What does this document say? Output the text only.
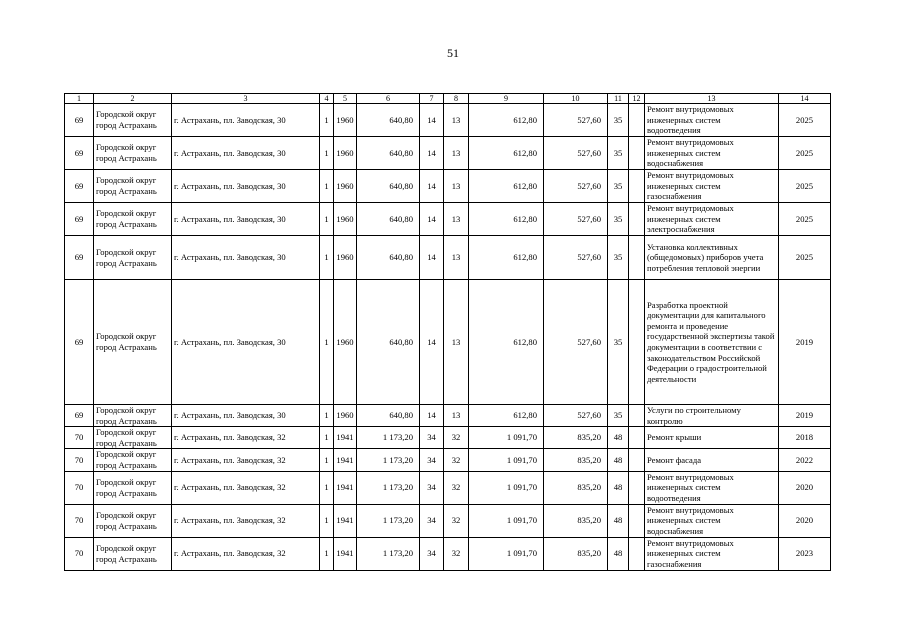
51
1	2	3	4	5	6	7	8	9	10	11	12	13	14
69	Городской округ город Астрахань	г. Астрахань, пл. Заводская, 30	1	1960	640,80	14	13	612,80	527,60	35		Ремонт внутридомовых инженерных систем водоотведения	2025
69	Городской округ город Астрахань	г. Астрахань, пл. Заводская, 30	1	1960	640,80	14	13	612,80	527,60	35		Ремонт внутридомовых инженерных систем водоснабжения	2025
69	Городской округ город Астрахань	г. Астрахань, пл. Заводская, 30	1	1960	640,80	14	13	612,80	527,60	35		Ремонт внутридомовых инженерных систем газоснабжения	2025
69	Городской округ город Астрахань	г. Астрахань, пл. Заводская, 30	1	1960	640,80	14	13	612,80	527,60	35		Ремонт внутридомовых инженерных систем электроснабжения	2025
69	Городской округ город Астрахань	г. Астрахань, пл. Заводская, 30	1	1960	640,80	14	13	612,80	527,60	35		Установка коллективных (общедомовых) приборов учета потребления тепловой энергии	2025
69	Городской округ город Астрахань	г. Астрахань, пл. Заводская, 30	1	1960	640,80	14	13	612,80	527,60	35		Разработка проектной документации для капитального ремонта и проведение государственной экспертизы такой документации в соответствии с законодательством Российской Федерации о градостроительной деятельности	2019
69	Городской округ город Астрахань	г. Астрахань, пл. Заводская, 30	1	1960	640,80	14	13	612,80	527,60	35		Услуги по строительному контролю	2019
70	Городской округ город Астрахань	г. Астрахань, пл. Заводская, 32	1	1941	1 173,20	34	32	1 091,70	835,20	48		Ремонт крыши	2018
70	Городской округ город Астрахань	г. Астрахань, пл. Заводская, 32	1	1941	1 173,20	34	32	1 091,70	835,20	48		Ремонт фасада	2022
70	Городской округ город Астрахань	г. Астрахань, пл. Заводская, 32	1	1941	1 173,20	34	32	1 091,70	835,20	48		Ремонт внутридомовых инженерных систем водоотведения	2020
70	Городской округ город Астрахань	г. Астрахань, пл. Заводская, 32	1	1941	1 173,20	34	32	1 091,70	835,20	48		Ремонт внутридомовых инженерных систем водоснабжения	2020
70	Городской округ город Астрахань	г. Астрахань, пл. Заводская, 32	1	1941	1 173,20	34	32	1 091,70	835,20	48		Ремонт внутридомовых инженерных систем газоснабжения	2023
